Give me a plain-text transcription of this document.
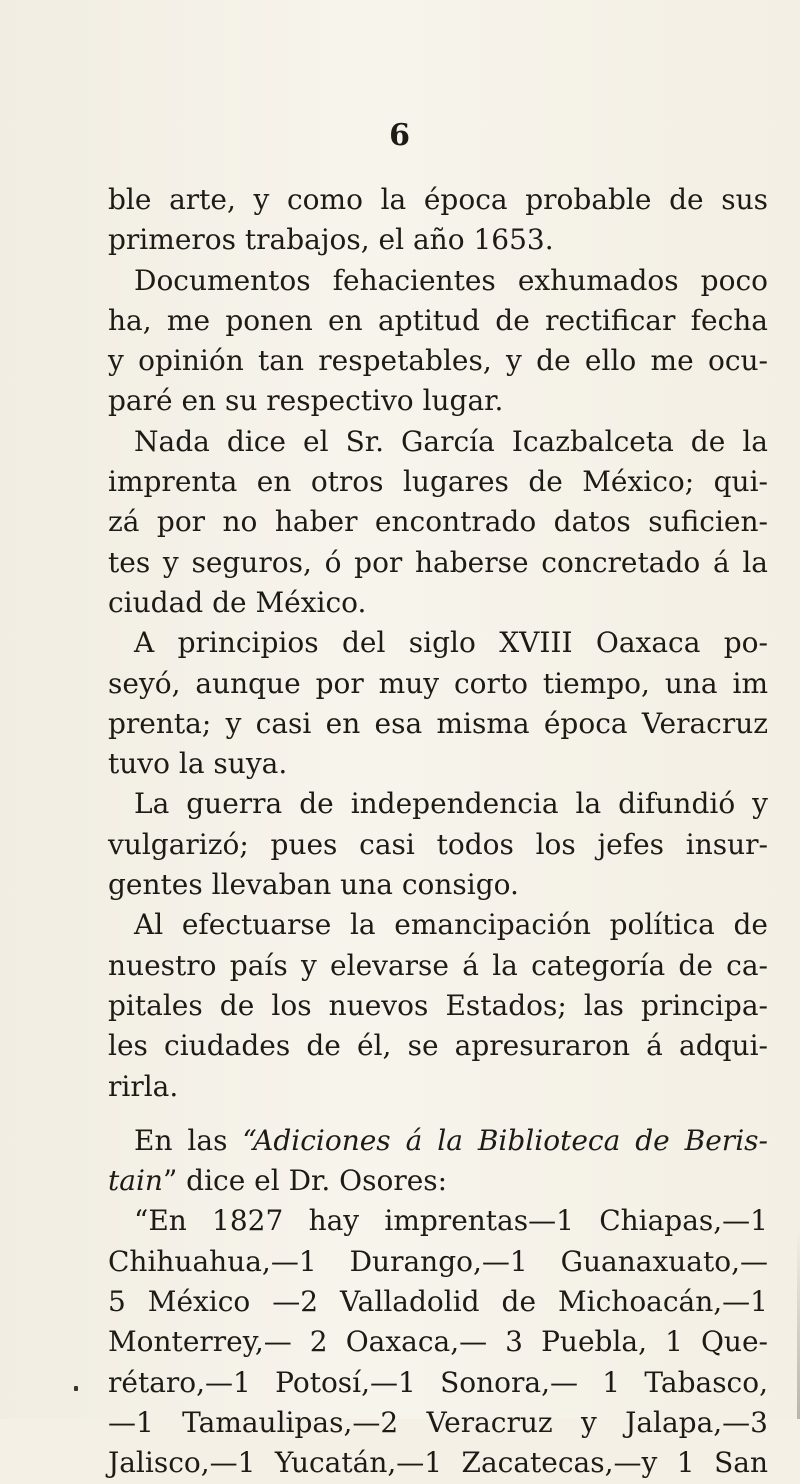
6
ble arte, y como la época probable de sus
primeros trabajos, el año 1653.
Documentos fehacientes exhumados poco
ha, me ponen en aptitud de rectificar fecha
y opinión tan respetables, y de ello me ocu-
paré en su respectivo lugar.
Nada dice el Sr. García Icazbalceta de la
imprenta en otros lugares de México; qui-
zá por no haber encontrado datos suficien-
tes y seguros, ó por haberse concretado á la
ciudad de México.
A principios del siglo XVIII Oaxaca po-
seyó, aunque por muy corto tiempo, una im
prenta; y casi en esa misma época Veracruz
tuvo la suya.
La guerra de independencia la difundió y
vulgarizó; pues casi todos los jefes insur-
gentes llevaban una consigo.
Al efectuarse la emancipación política de
nuestro país y elevarse á la categoría de ca-
pitales de los nuevos Estados; las principa-
les ciudades de él, se apresuraron á adqui-
rirla.
En las “Adiciones á la Biblioteca de Beris-
tain” dice el Dr. Osores:
“En 1827 hay imprentas—1 Chiapas,—1
Chihuahua,—1 Durango,—1 Guanaxuato,—
5 México —2 Valladolid de Michoacán,—1
Monterrey,— 2 Oaxaca,— 3 Puebla, 1 Que-
rétaro,—1 Potosí,—1 Sonora,— 1 Tabasco,
—1 Tamaulipas,—2 Veracruz y Jalapa,—3
Jalisco,—1 Yucatán,—1 Zacatecas,—y 1 San
